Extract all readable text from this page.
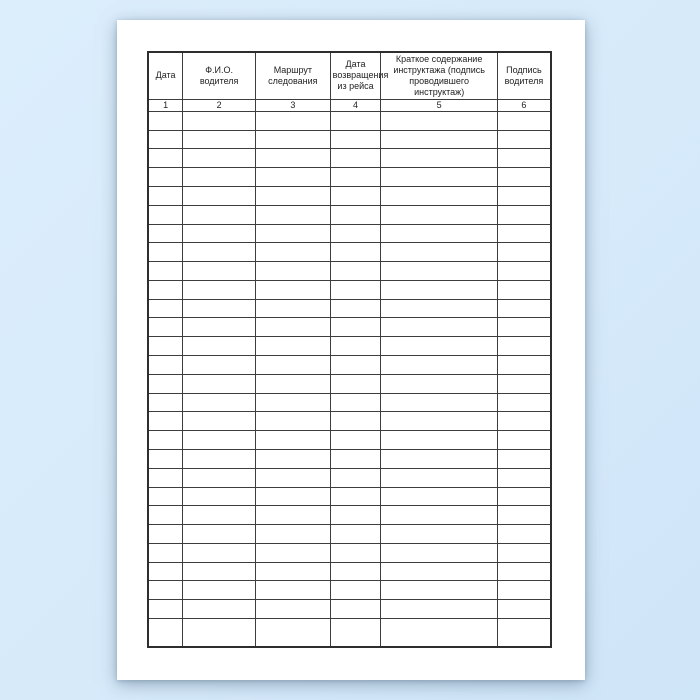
Дата	Ф.И.О. водителя	Маршрут следования	Дата возвращения из рейса	Краткое содержание инструктажа (подпись проводившего инструктаж)	Подпись водителя
1	2	3	4	5	6
